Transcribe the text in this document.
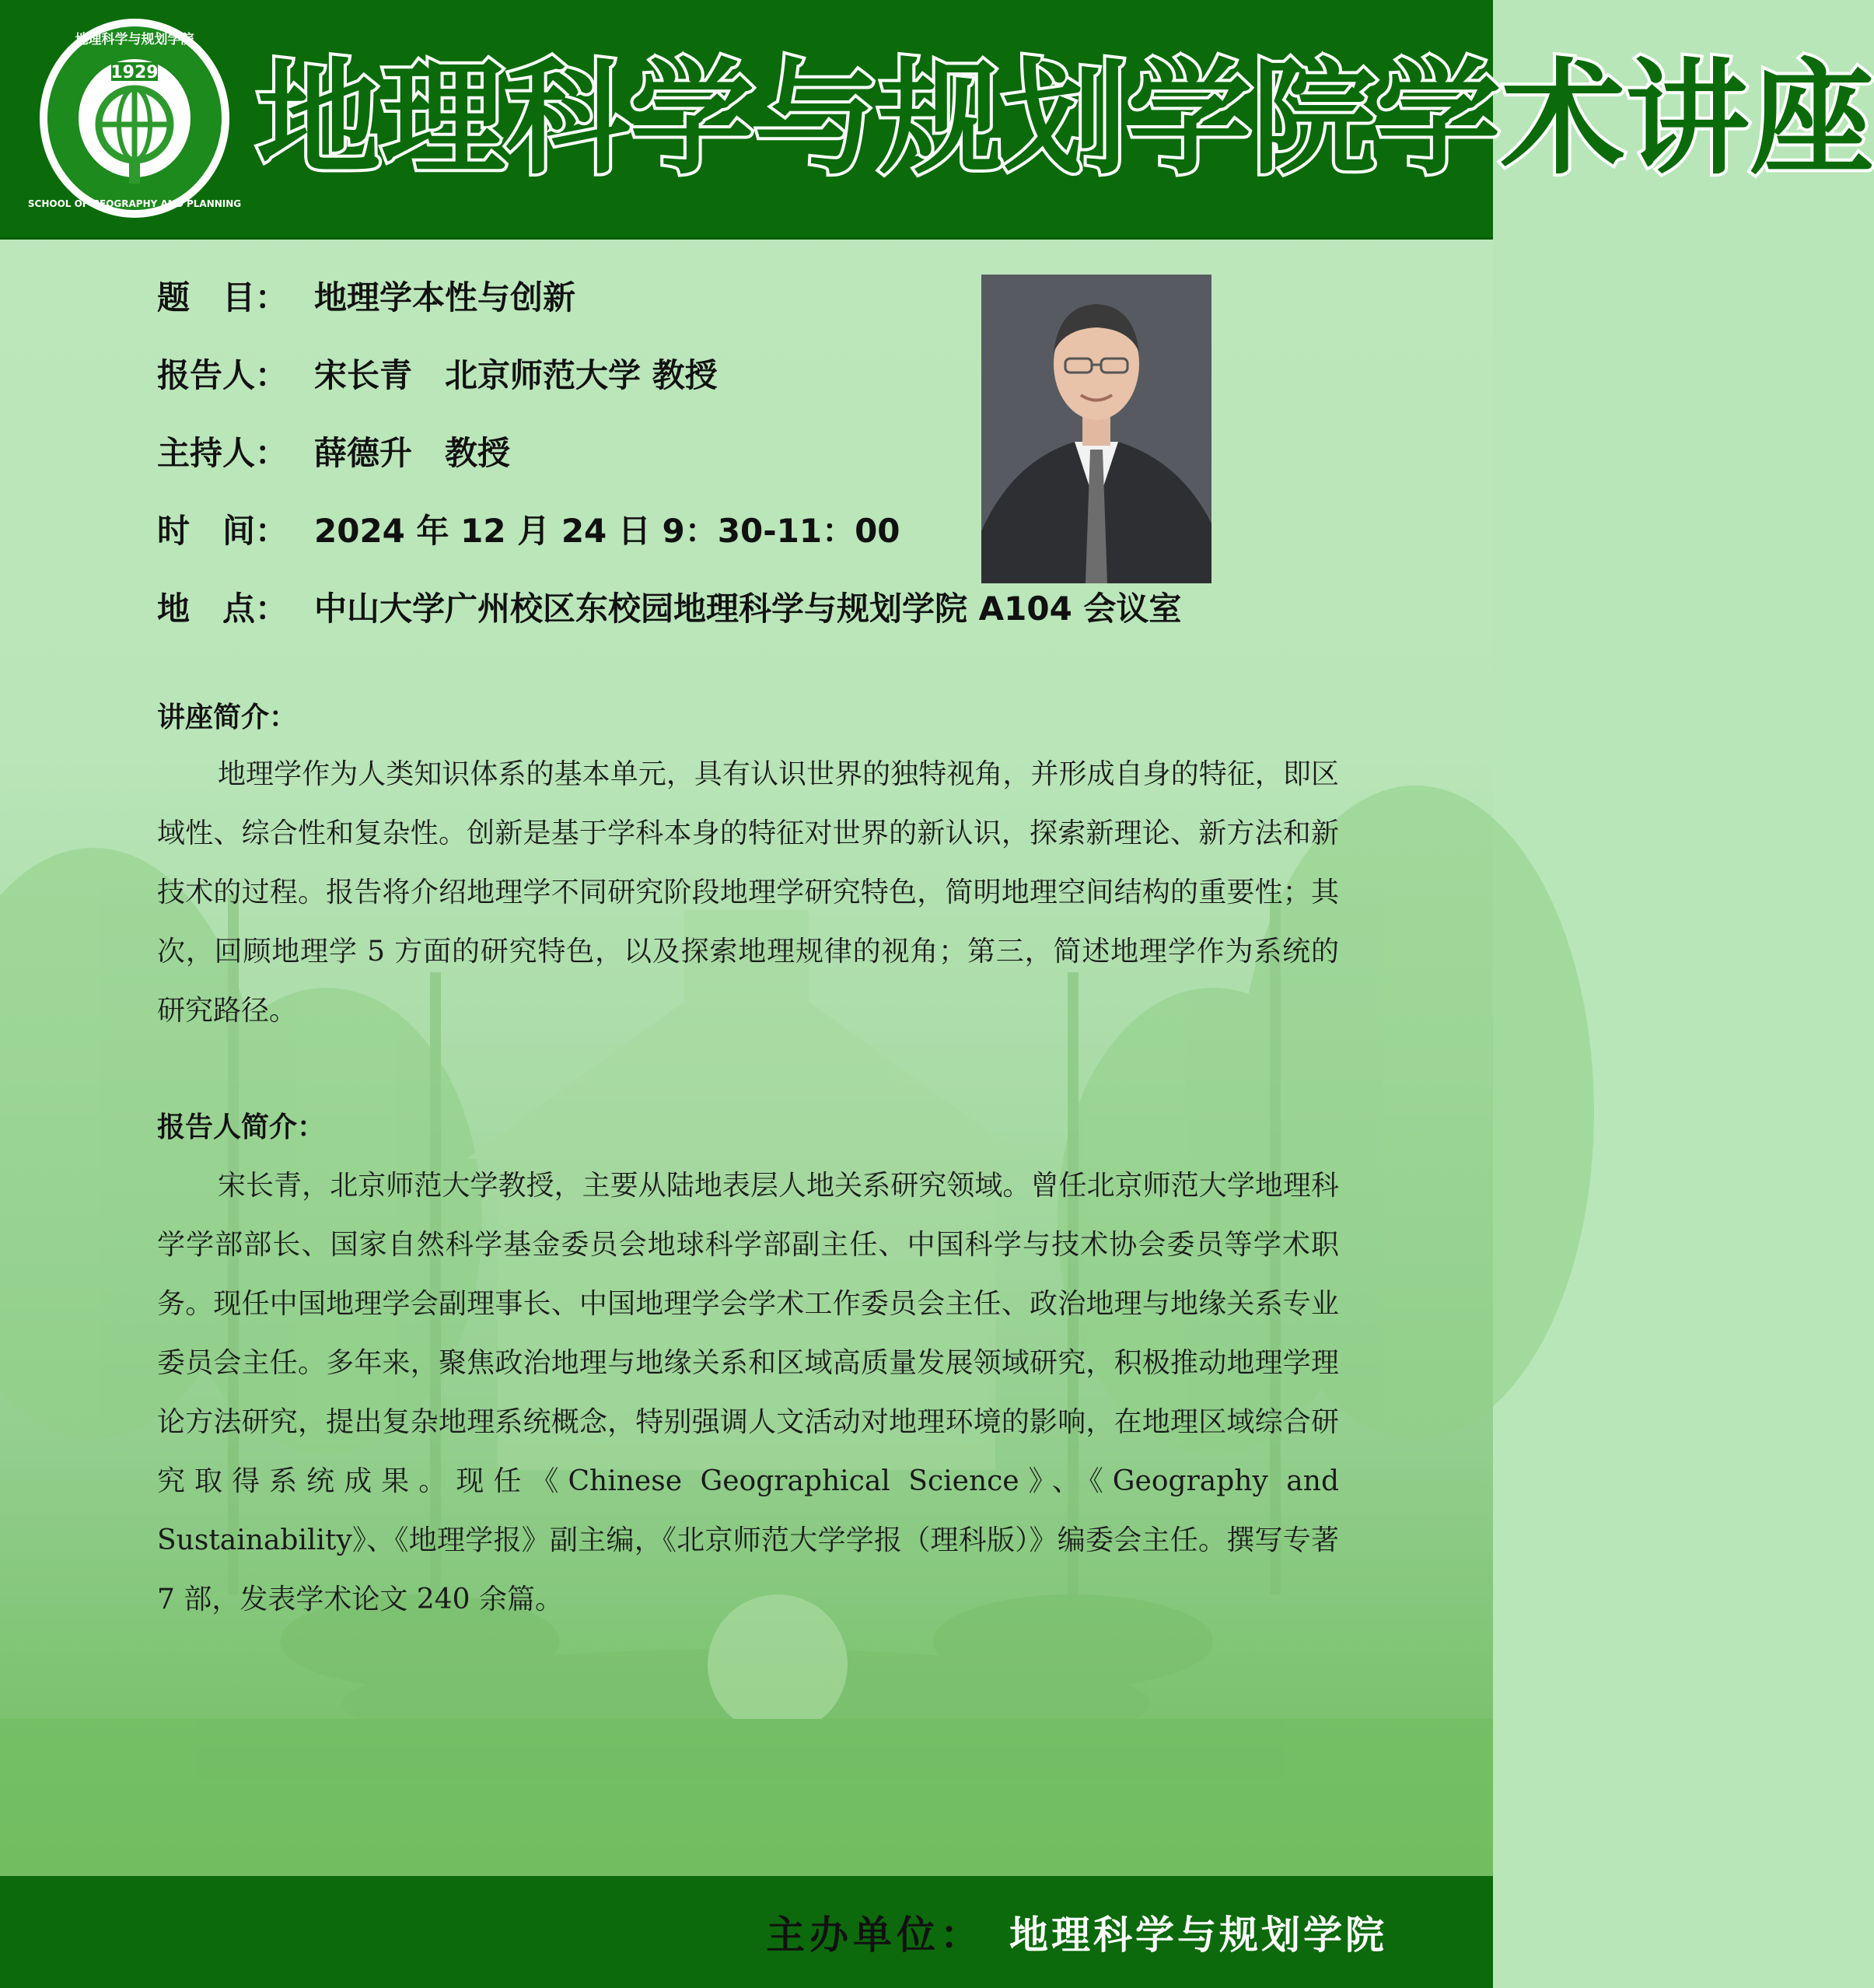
1929
地理科学与规划学院
SCHOOL OF GEOGRAPHY AND PLANNING
地理科学与规划学院学术讲座
题　目： 地理学本性与创新
报告人： 宋长青　北京师范大学 教授
主持人： 薛德升　教授
时　间： 2024 年 12 月 24 日 9：30-11：00
地　点： 中山大学广州校区东校园地理科学与规划学院 A104 会议室
讲座简介：

地理学作为人类知识体系的基本单元，具有认识世界的独特视角，并形成自身的特征，即区域性、综合性和复杂性。创新是基于学科本身的特征对世界的新认识，探索新理论、新方法和新技术的过程。报告将介绍地理学不同研究阶段地理学研究特色，简明地理空间结构的重要性；其次，回顾地理学 5 方面的研究特色，以及探索地理规律的视角；第三，简述地理学作为系统的研究路径。

报告人简介：

宋长青，北京师范大学教授，主要从陆地表层人地关系研究领域。曾任北京师范大学地理科学学部部长、国家自然科学基金委员会地球科学部副主任、中国科学与技术协会委员等学术职务。现任中国地理学会副理事长、中国地理学会学术工作委员会主任、政治地理与地缘关系专业委员会主任。多年来，聚焦政治地理与地缘关系和区域高质量发展领域研究，积极推动地理学理论方法研究，提出复杂地理系统概念，特别强调人文活动对地理环境的影响，在地理区域综合研究取得系统成果。现任《Chinese Geographical Science》、《Geography and Sustainability》、《地理学报》副主编，《北京师范大学学报（理科版）》编委会主任。撰写专著 7 部，发表学术论文 240 余篇。

主办单位： 地理科学与规划学院
